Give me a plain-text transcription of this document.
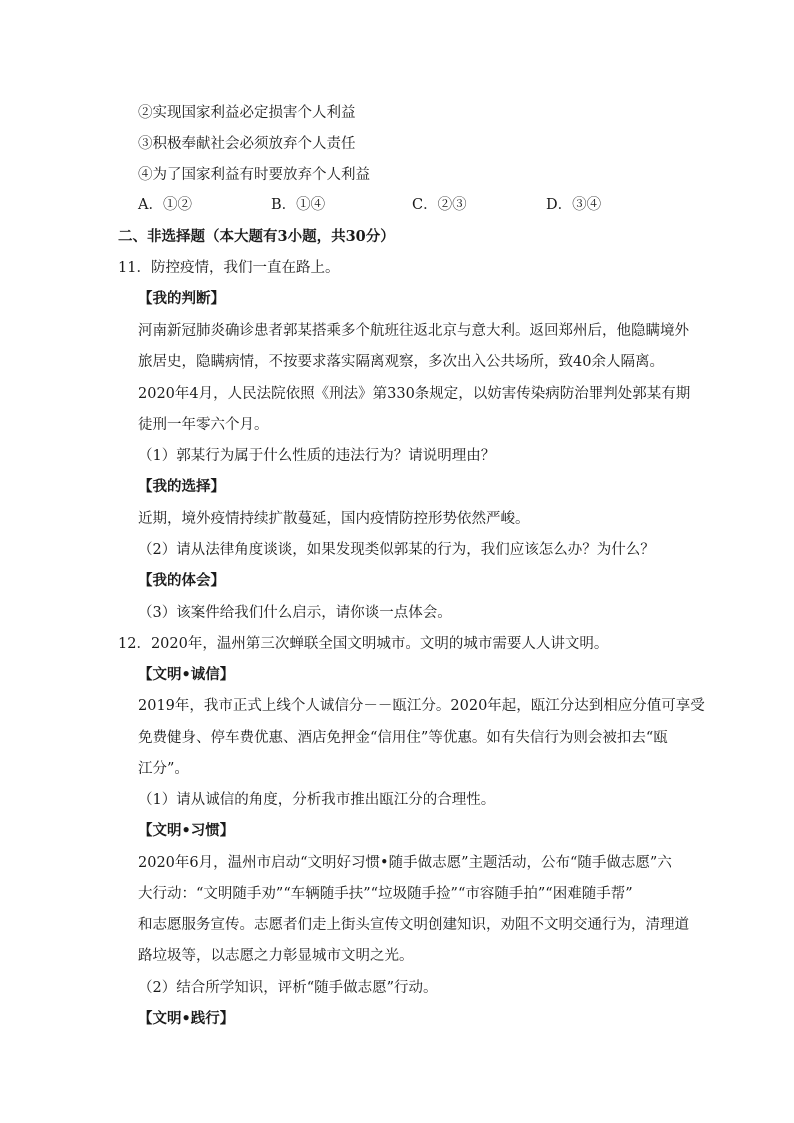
②实现国家利益必定损害个人利益
③积极奉献社会必须放弃个人责任
④为了国家利益有时要放弃个人利益
A．①②	B．①④	C．②③	D．③④
二、非选择题（本大题有3小题，共30分）
11．防控疫情，我们一直在路上。
【我的判断】
河南新冠肺炎确诊患者郭某搭乘多个航班往返北京与意大利。返回郑州后，他隐瞒境外
旅居史，隐瞒病情，不按要求落实隔离观察，多次出入公共场所，致40余人隔离。
2020年4月，人民法院依照《刑法》第330条规定，以妨害传染病防治罪判处郭某有期
徒刑一年零六个月。
（1）郭某行为属于什么性质的违法行为？请说明理由？
【我的选择】
近期，境外疫情持续扩散蔓延，国内疫情防控形势依然严峻。
（2）请从法律角度谈谈，如果发现类似郭某的行为，我们应该怎么办？为什么？
【我的体会】
（3）该案件给我们什么启示，请你谈一点体会。
12．2020年，温州第三次蝉联全国文明城市。文明的城市需要人人讲文明。
【文明•诚信】
2019年，我市正式上线个人诚信分－－瓯江分。2020年起，瓯江分达到相应分值可享受
免费健身、停车费优惠、酒店免押金“信用住”等优惠。如有失信行为则会被扣去“瓯
江分”。
（1）请从诚信的角度，分析我市推出瓯江分的合理性。
【文明•习惯】
2020年6月，温州市启动“文明好习惯•随手做志愿”主题活动，公布“随手做志愿”六
大行动：“文明随手劝”“车辆随手扶”“垃圾随手捡”“市容随手拍”“困难随手帮”
和志愿服务宣传。志愿者们走上街头宣传文明创建知识，劝阻不文明交通行为，清理道
路垃圾等，以志愿之力彰显城市文明之光。
（2）结合所学知识，评析“随手做志愿”行动。
【文明•践行】
